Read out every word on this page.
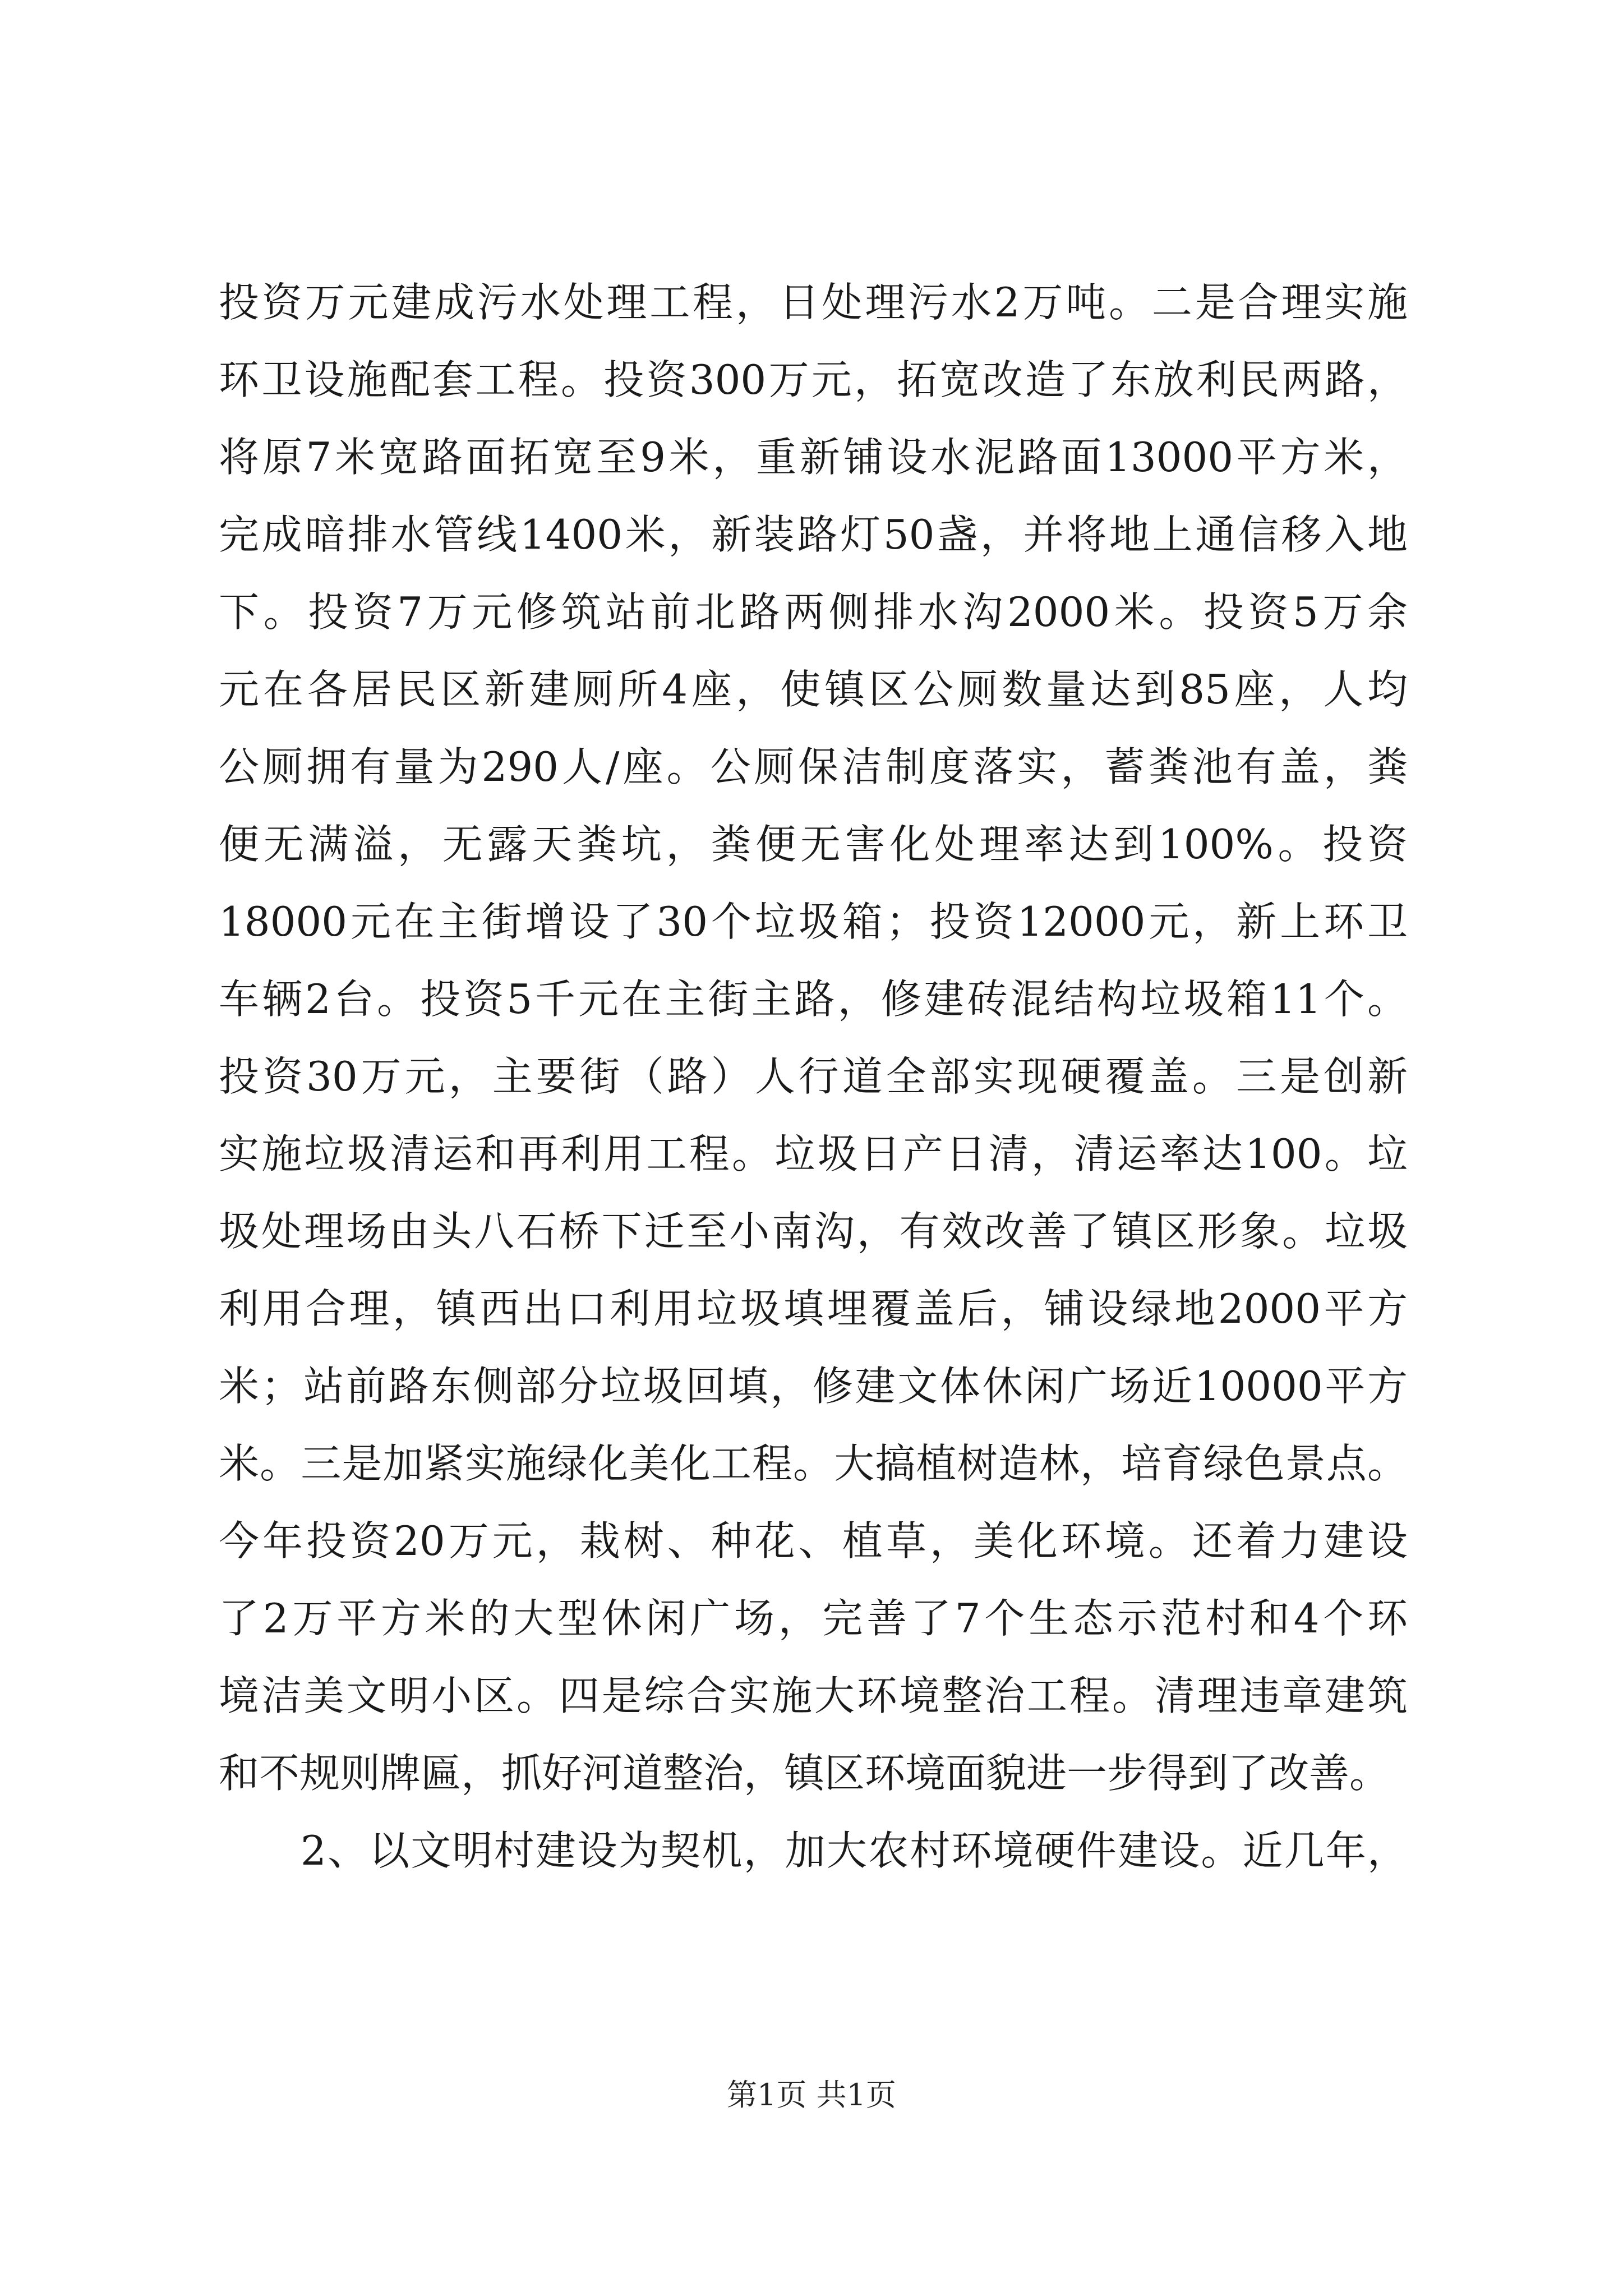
投资万元建成污水处理工程，日处理污水2万吨。二是合理实施
环卫设施配套工程。投资300万元，拓宽改造了东放利民两路，
将原7米宽路面拓宽至9米，重新铺设水泥路面13000平方米，
完成暗排水管线1400米，新装路灯50盏，并将地上通信移入地
下。投资7万元修筑站前北路两侧排水沟2000米。投资5万余
元在各居民区新建厕所4座，使镇区公厕数量达到85座，人均
公厕拥有量为290人/座。公厕保洁制度落实，蓄粪池有盖，粪
便无满溢，无露天粪坑，粪便无害化处理率达到100%。投资
18000元在主街增设了30个垃圾箱；投资12000元，新上环卫
车辆2台。投资5千元在主街主路，修建砖混结构垃圾箱11个。
投资30万元，主要街（路）人行道全部实现硬覆盖。三是创新
实施垃圾清运和再利用工程。垃圾日产日清，清运率达100。垃
圾处理场由头八石桥下迁至小南沟，有效改善了镇区形象。垃圾
利用合理，镇西出口利用垃圾填埋覆盖后，铺设绿地2000平方
米；站前路东侧部分垃圾回填，修建文体休闲广场近10000平方
米。三是加紧实施绿化美化工程。大搞植树造林，培育绿色景点。
今年投资20万元，栽树、种花、植草，美化环境。还着力建设
了2万平方米的大型休闲广场，完善了7个生态示范村和4个环
境洁美文明小区。四是综合实施大环境整治工程。清理违章建筑
和不规则牌匾，抓好河道整治，镇区环境面貌进一步得到了改善。
2、以文明村建设为契机，加大农村环境硬件建设。近几年，
第1页 共1页
